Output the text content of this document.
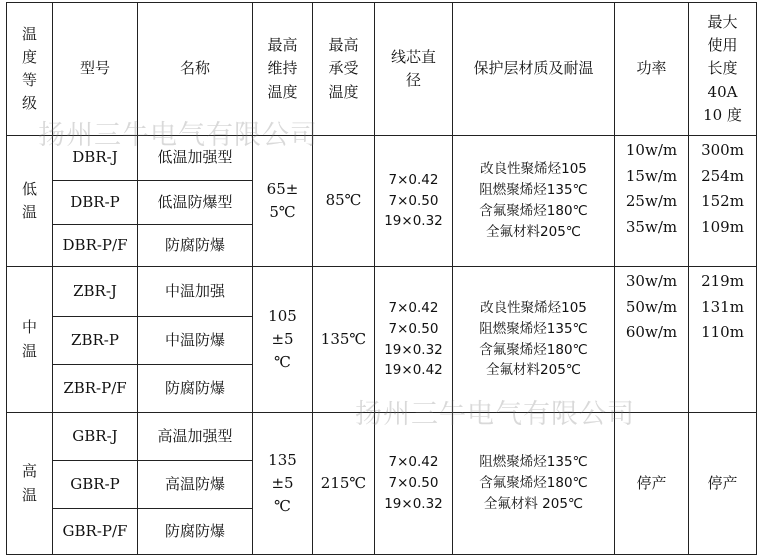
温
度
等
级	型号	名称	最高
维持
温度	最高
承受
温度	线芯直
径	保护层材质及耐温	功率	最大
使用
长度
40A
10 度

低
温	DBR-J	低温加强型	65±
5℃	85℃	7×0.42
7×0.50
19×0.32	改良性聚烯烃105
阻燃聚烯烃135℃
含氟聚烯烃180℃
全氟材料205℃	10w/m
15w/m
25w/m
35w/m	300m
254m
152m
109m

	DBR-P	低温防爆型						
	DBR-P/F	防腐防爆						

中
温	ZBR-J	中温加强	105
±5
℃	135℃	7×0.42
7×0.50
19×0.32
19×0.42	改良性聚烯烃105
阻燃聚烯烃135℃
含氟聚烯烃180℃
全氟材料205℃	30w/m
50w/m
60w/m	219m
131m
110m

	ZBR-P	中温防爆						
	ZBR-P/F	防腐防爆						

高
温	GBR-J	高温加强型	135
±5
℃	215℃	7×0.42
7×0.50
19×0.32	阻燃聚烯烃135℃
含氟聚烯烃180℃
全氟材料 205℃	停产	停产
	GBR-P	高温防爆						
	GBR-P/F	防腐防爆						
扬州三牛电气有限公司
扬州三牛电气有限公司
